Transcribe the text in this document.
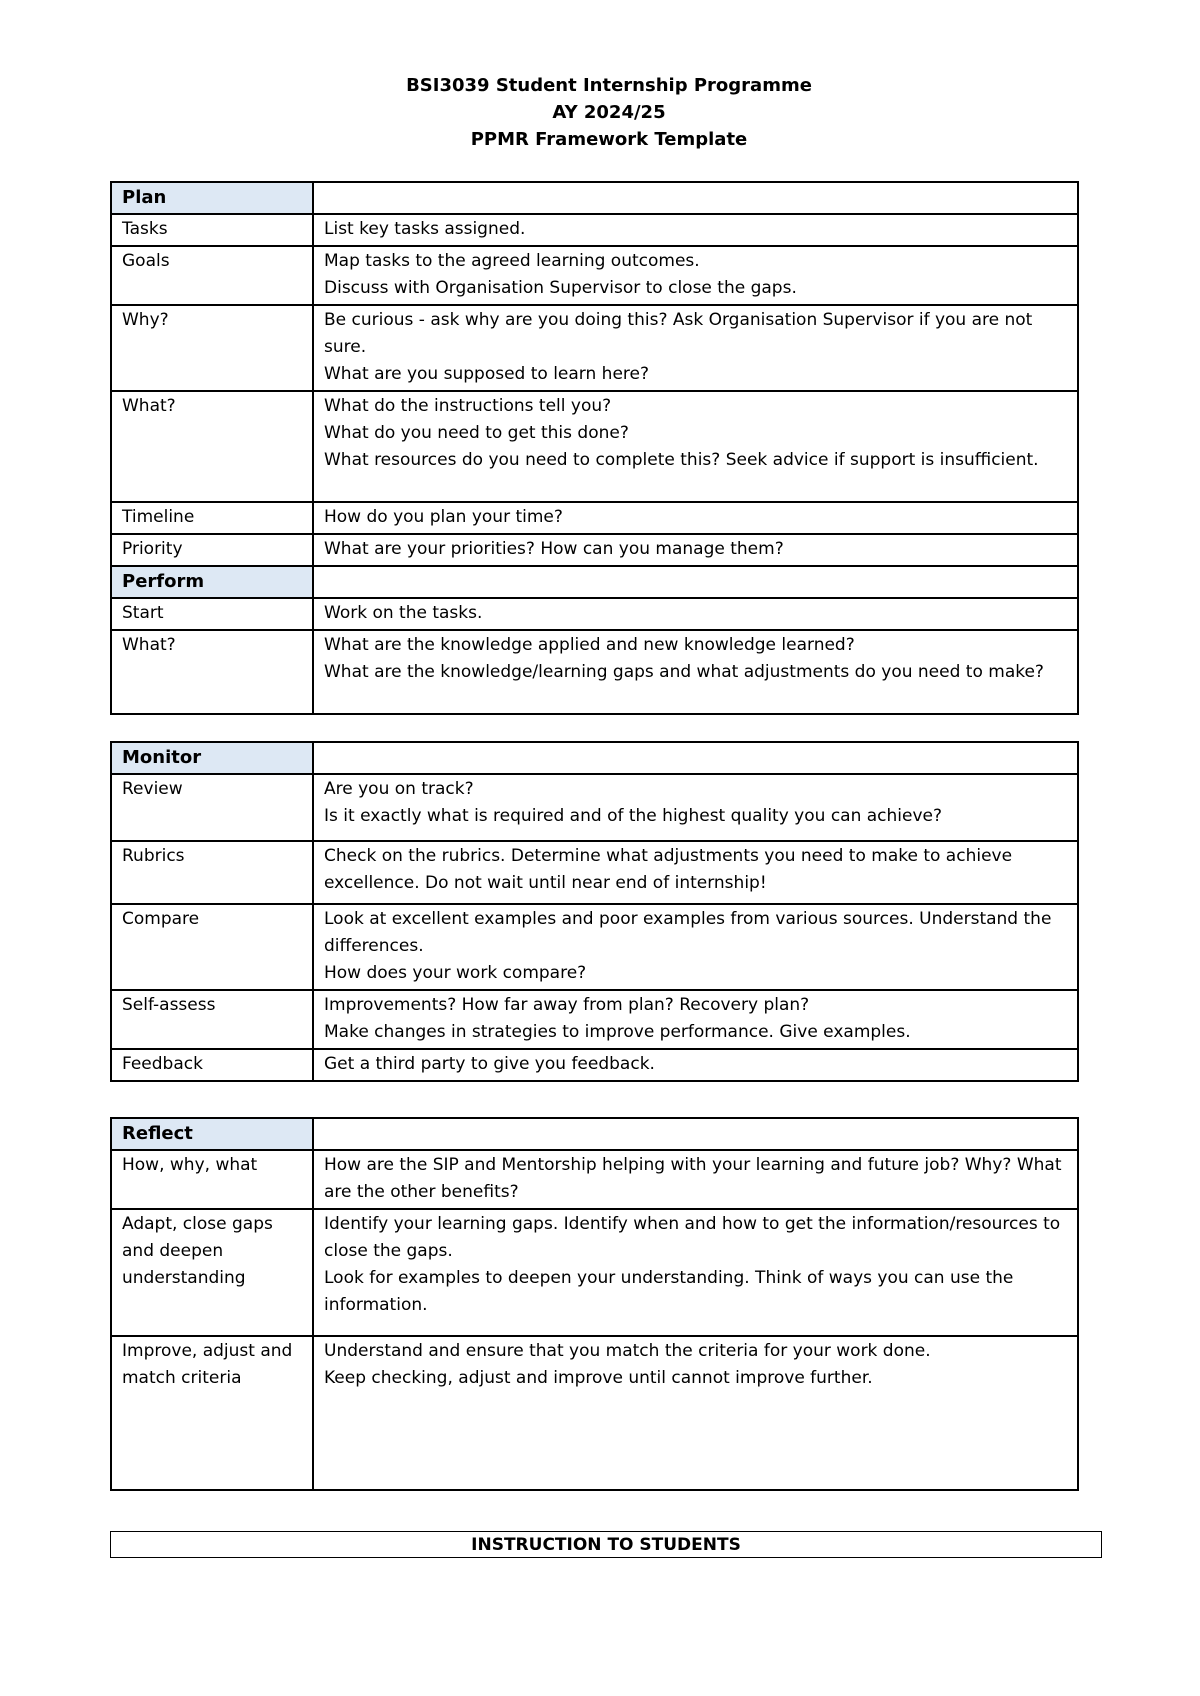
BSI3039 Student Internship Programme
AY 2024/25
PPMR Framework Template
Plan	
Tasks	List key tasks assigned.

Goals	Map tasks to the agreed learning outcomes.
Discuss with Organisation Supervisor to close the gaps.

Why?	Be curious - ask why are you doing this? Ask Organisation Supervisor if you are not sure.
What are you supposed to learn here?

What?	What do the instructions tell you?
What do you need to get this done?
What resources do you need to complete this? Seek advice if support is insufficient.

Timeline	How do you plan your time?

Priority	What are your priorities? How can you manage them?

Perform	
Start	Work on the tasks.

What?	What are the knowledge applied and new knowledge learned?
What are the knowledge/learning gaps and what adjustments do you need to make?
Monitor	
Review	Are you on track?
Is it exactly what is required and of the highest quality you can achieve?

Rubrics	Check on the rubrics. Determine what adjustments you need to make to achieve excellence. Do not wait until near end of internship!

Compare	Look at excellent examples and poor examples from various sources. Understand the differences.
How does your work compare?

Self-assess	Improvements? How far away from plan? Recovery plan?
Make changes in strategies to improve performance. Give examples.

Feedback	Get a third party to give you feedback.
Reflect	
How, why, what	How are the SIP and Mentorship helping with your learning and future job? Why? What are the other benefits?

Adapt, close gaps and deepen understanding	Identify your learning gaps. Identify when and how to get the information/resources to close the gaps.
Look for examples to deepen your understanding. Think of ways you can use the information.

Improve, adjust and match criteria	Understand and ensure that you match the criteria for your work done.
Keep checking, adjust and improve until cannot improve further.
INSTRUCTION TO STUDENTS
